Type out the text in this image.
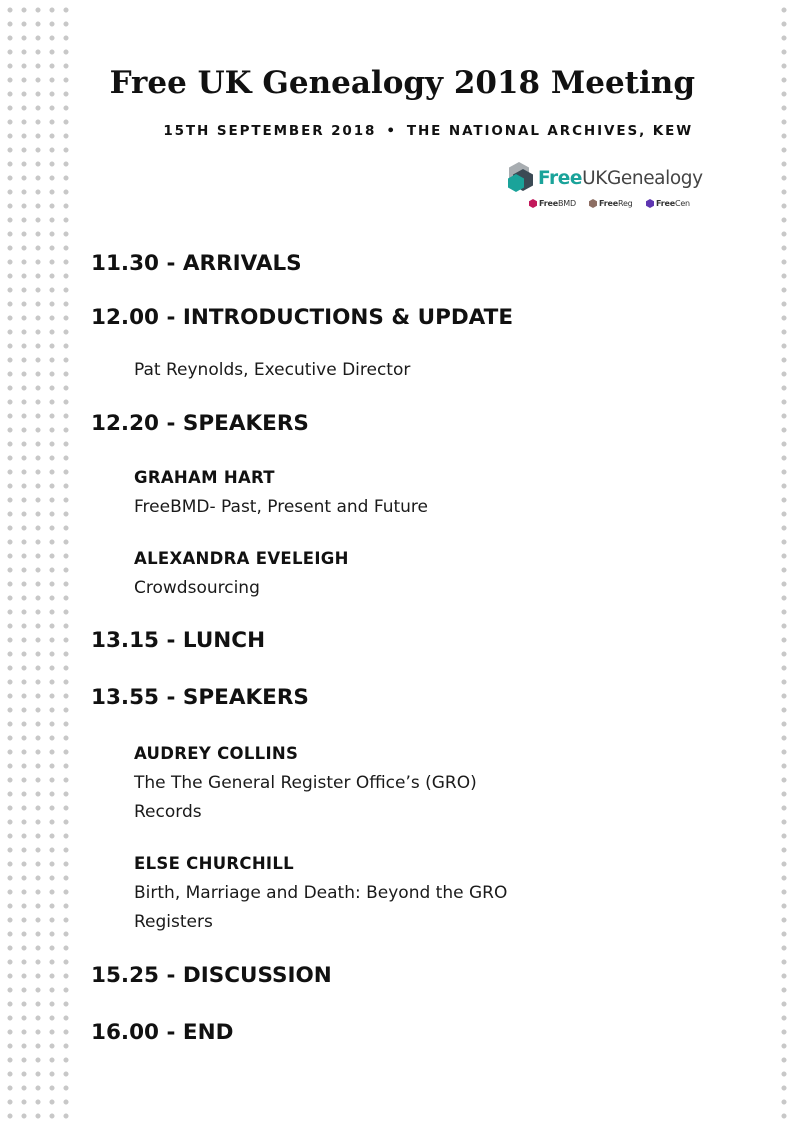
Free UK Genealogy 2018 Meeting
15TH SEPTEMBER 2018 • THE NATIONAL ARCHIVES, KEW
FreeUKGenealogy
FreeBMD	FreeReg	FreeCen
11.30 - ARRIVALS
12.00 - INTRODUCTIONS & UPDATE
Pat Reynolds, Executive Director
12.20 - SPEAKERS
GRAHAM HART
FreeBMD- Past, Present and Future
ALEXANDRA EVELEIGH
Crowdsourcing
13.15 - LUNCH
13.55 - SPEAKERS
AUDREY COLLINS
The The General Register Office’s (GRO) Records
ELSE CHURCHILL
Birth, Marriage and Death: Beyond the GRO Registers
15.25 - DISCUSSION
16.00 - END
